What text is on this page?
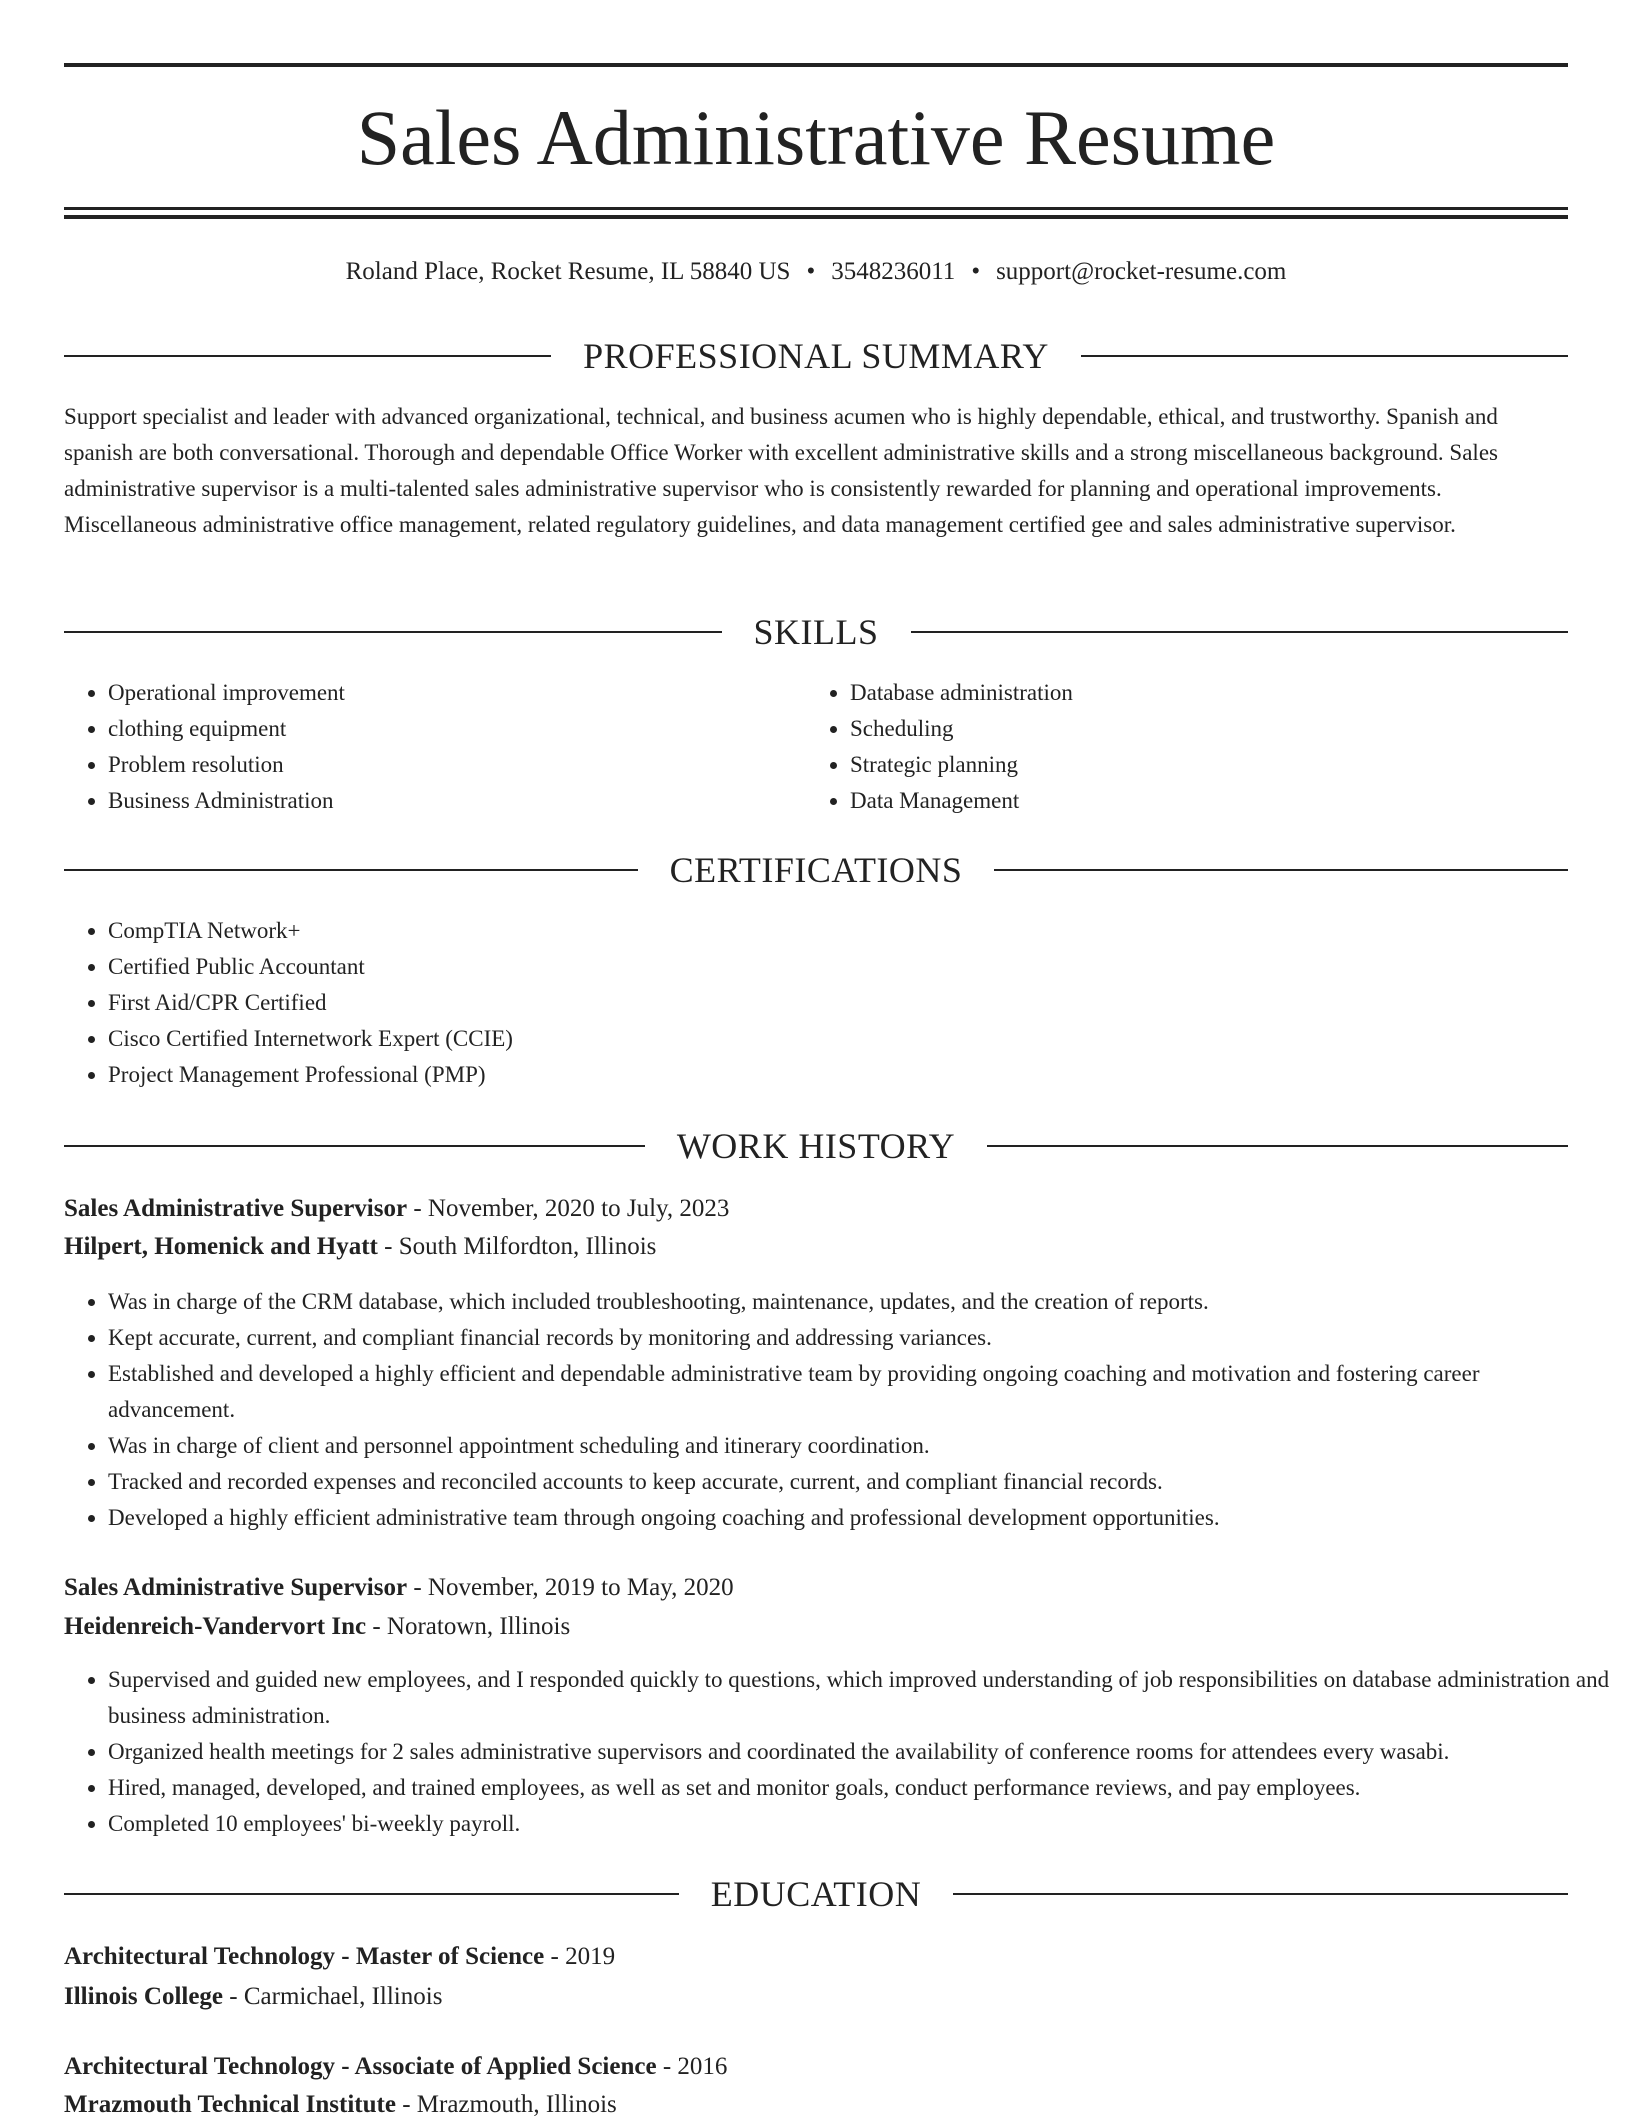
Sales Administrative Resume
Roland Place, Rocket Resume, IL 58840 US • 3548236011 • support@rocket-resume.com
PROFESSIONAL SUMMARY
Support specialist and leader with advanced organizational, technical, and business acumen who is highly dependable, ethical, and trustworthy. Spanish and spanish are both conversational. Thorough and dependable Office Worker with excellent administrative skills and a strong miscellaneous background. Sales administrative supervisor is a multi-talented sales administrative supervisor who is consistently rewarded for planning and operational improvements. Miscellaneous administrative office management, related regulatory guidelines, and data management certified gee and sales administrative supervisor.
SKILLS
• Operational improvement
• clothing equipment
• Problem resolution
• Business Administration
• Database administration
• Scheduling
• Strategic planning
• Data Management
CERTIFICATIONS
• CompTIA Network+
• Certified Public Accountant
• First Aid/CPR Certified
• Cisco Certified Internetwork Expert (CCIE)
• Project Management Professional (PMP)
WORK HISTORY
Sales Administrative Supervisor - November, 2020 to July, 2023
Hilpert, Homenick and Hyatt - South Milfordton, Illinois
• Was in charge of the CRM database, which included troubleshooting, maintenance, updates, and the creation of reports.
• Kept accurate, current, and compliant financial records by monitoring and addressing variances.
• Established and developed a highly efficient and dependable administrative team by providing ongoing coaching and motivation and fostering career advancement.
• Was in charge of client and personnel appointment scheduling and itinerary coordination.
• Tracked and recorded expenses and reconciled accounts to keep accurate, current, and compliant financial records.
• Developed a highly efficient administrative team through ongoing coaching and professional development opportunities.
Sales Administrative Supervisor - November, 2019 to May, 2020
Heidenreich-Vandervort Inc - Noratown, Illinois
• Supervised and guided new employees, and I responded quickly to questions, which improved understanding of job responsibilities on database administration and business administration.
• Organized health meetings for 2 sales administrative supervisors and coordinated the availability of conference rooms for attendees every wasabi.
• Hired, managed, developed, and trained employees, as well as set and monitor goals, conduct performance reviews, and pay employees.
• Completed 10 employees' bi-weekly payroll.
EDUCATION
Architectural Technology - Master of Science - 2019
Illinois College - Carmichael, Illinois
Architectural Technology - Associate of Applied Science - 2016
Mrazmouth Technical Institute - Mrazmouth, Illinois
